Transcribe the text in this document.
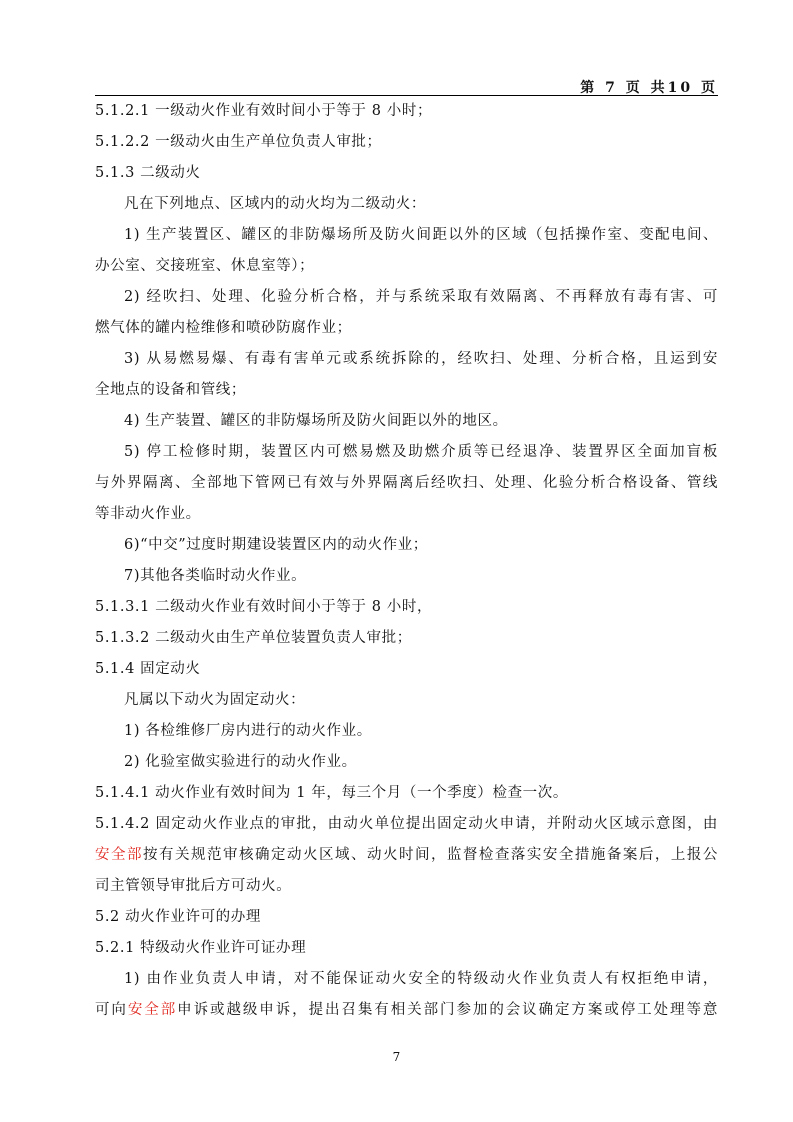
第 7 页 共10 页
5.1.2.1 一级动火作业有效时间小于等于 8 小时；
5.1.2.2 一级动火由生产单位负责人审批；
5.1.3 二级动火
凡在下列地点、区域内的动火均为二级动火：
1) 生产装置区、罐区的非防爆场所及防火间距以外的区域（包括操作室、变配电间、
办公室、交接班室、休息室等）；
2) 经吹扫、处理、化验分析合格，并与系统采取有效隔离、不再释放有毒有害、可
燃气体的罐内检维修和喷砂防腐作业；
3) 从易燃易爆、有毒有害单元或系统拆除的，经吹扫、处理、分析合格，且运到安
全地点的设备和管线；
4) 生产装置、罐区的非防爆场所及防火间距以外的地区。
5) 停工检修时期，装置区内可燃易燃及助燃介质等已经退净、装置界区全面加盲板
与外界隔离、全部地下管网已有效与外界隔离后经吹扫、处理、化验分析合格设备、管线
等非动火作业。
6)“中交”过度时期建设装置区内的动火作业；
7)其他各类临时动火作业。
5.1.3.1 二级动火作业有效时间小于等于 8 小时，
5.1.3.2 二级动火由生产单位装置负责人审批；
5.1.4 固定动火
凡属以下动火为固定动火：
1) 各检维修厂房内进行的动火作业。
2) 化验室做实验进行的动火作业。
5.1.4.1 动火作业有效时间为 1 年，每三个月（一个季度）检查一次。
5.1.4.2 固定动火作业点的审批，由动火单位提出固定动火申请，并附动火区域示意图，由
安全部按有关规范审核确定动火区域、动火时间，监督检查落实安全措施备案后，上报公
司主管领导审批后方可动火。
5.2 动火作业许可的办理
5.2.1 特级动火作业许可证办理
1) 由作业负责人申请，对不能保证动火安全的特级动火作业负责人有权拒绝申请，
可向安全部申诉或越级申诉，提出召集有相关部门参加的会议确定方案或停工处理等意
7
